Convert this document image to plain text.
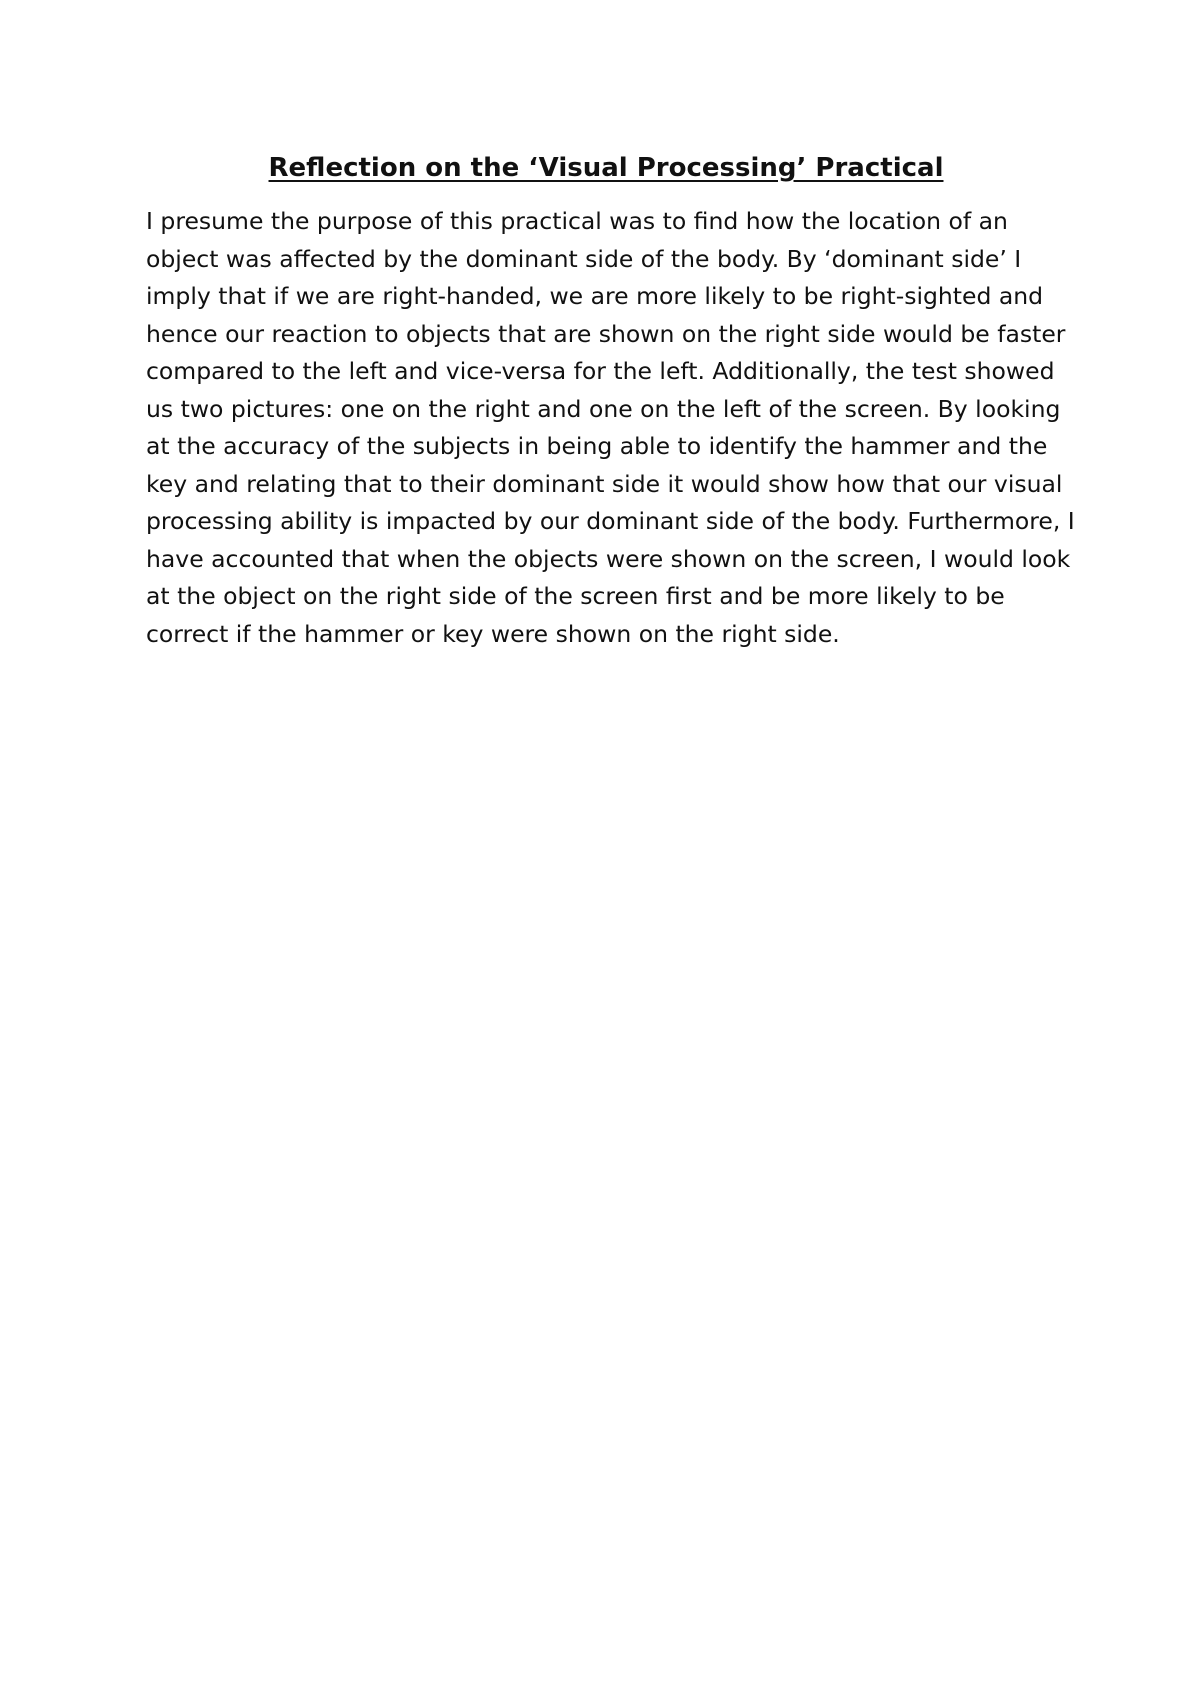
Reflection on the ‘Visual Processing’ Practical

I presume the purpose of this practical was to find how the location of an
object was affected by the dominant side of the body. By ‘dominant side’ I
imply that if we are right-handed, we are more likely to be right-sighted and
hence our reaction to objects that are shown on the right side would be faster
compared to the left and vice-versa for the left. Additionally, the test showed
us two pictures: one on the right and one on the left of the screen. By looking
at the accuracy of the subjects in being able to identify the hammer and the
key and relating that to their dominant side it would show how that our visual
processing ability is impacted by our dominant side of the body. Furthermore, I
have accounted that when the objects were shown on the screen, I would look
at the object on the right side of the screen first and be more likely to be
correct if the hammer or key were shown on the right side.
